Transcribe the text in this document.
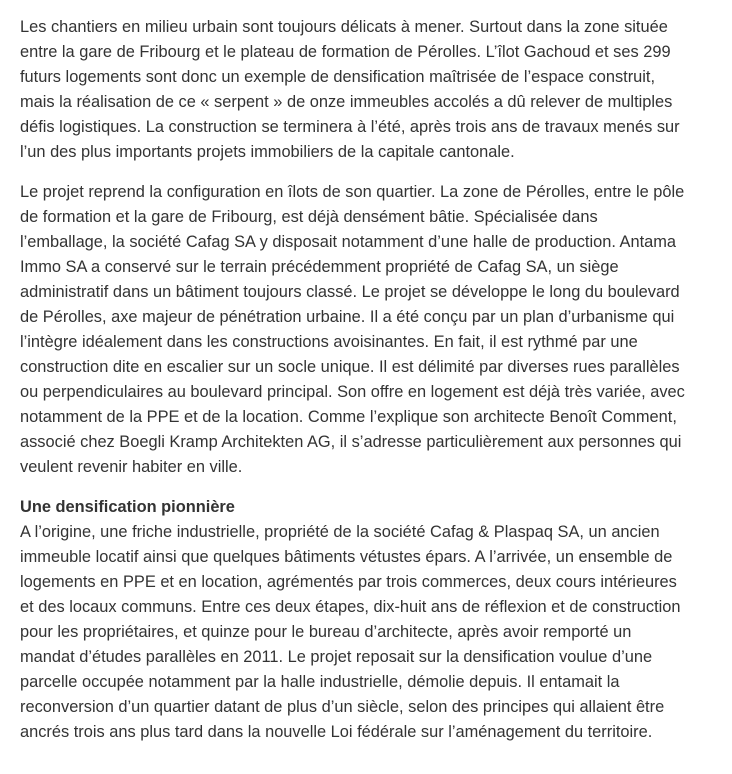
Les chantiers en milieu urbain sont toujours délicats à mener. Surtout dans la zone située
entre la gare de Fribourg et le plateau de formation de Pérolles. L’îlot Gachoud et ses 299
futurs logements sont donc un exemple de densification maîtrisée de l’espace construit,
mais la réalisation de ce « serpent » de onze immeubles accolés a dû relever de multiples
défis logistiques. La construction se terminera à l’été, après trois ans de travaux menés sur
l’un des plus importants projets immobiliers de la capitale cantonale.

Le projet reprend la configuration en îlots de son quartier. La zone de Pérolles, entre le pôle
de formation et la gare de Fribourg, est déjà densément bâtie. Spécialisée dans
l’emballage, la société Cafag SA y disposait notamment d’une halle de production. Antama
Immo SA a conservé sur le terrain précédemment propriété de Cafag SA, un siège
administratif dans un bâtiment toujours classé. Le projet se développe le long du boulevard
de Pérolles, axe majeur de pénétration urbaine. Il a été conçu par un plan d’urbanisme qui
l’intègre idéalement dans les constructions avoisinantes. En fait, il est rythmé par une
construction dite en escalier sur un socle unique. Il est délimité par diverses rues parallèles
ou perpendiculaires au boulevard principal. Son offre en logement est déjà très variée, avec
notamment de la PPE et de la location. Comme l’explique son architecte Benoît Comment,
associé chez Boegli Kramp Architekten AG, il s’adresse particulièrement aux personnes qui
veulent revenir habiter en ville.

Une densification pionnière
A l’origine, une friche industrielle, propriété de la société Cafag & Plaspaq SA, un ancien
immeuble locatif ainsi que quelques bâtiments vétustes épars. A l’arrivée, un ensemble de
logements en PPE et en location, agrémentés par trois commerces, deux cours intérieures
et des locaux communs. Entre ces deux étapes, dix-huit ans de réflexion et de construction
pour les propriétaires, et quinze pour le bureau d’architecte, après avoir remporté un
mandat d’études parallèles en 2011. Le projet reposait sur la densification voulue d’une
parcelle occupée notamment par la halle industrielle, démolie depuis. Il entamait la
reconversion d’un quartier datant de plus d’un siècle, selon des principes qui allaient être
ancrés trois ans plus tard dans la nouvelle Loi fédérale sur l’aménagement du territoire.
